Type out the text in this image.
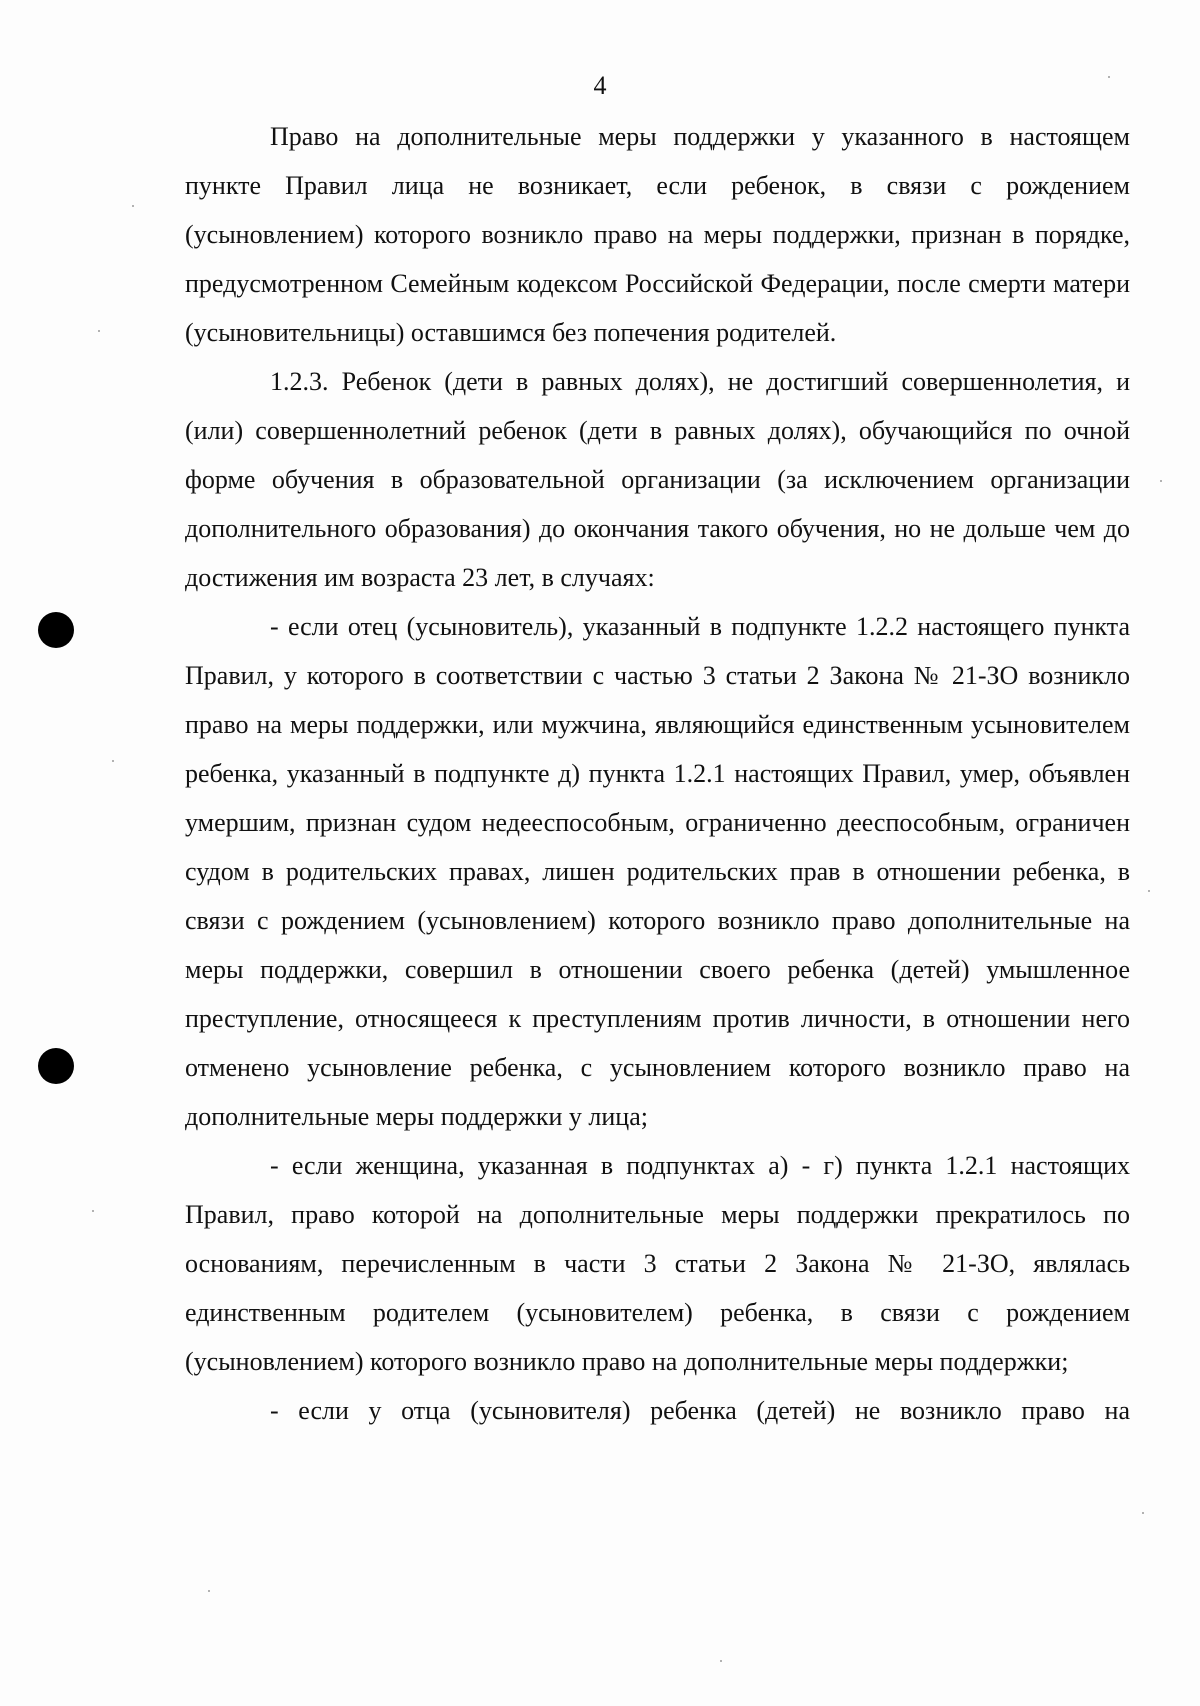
4

Право на дополнительные меры поддержки у указанного в настоящем пункте Правил лица не возникает, если ребенок, в связи с рождением (усыновлением) которого возникло право на меры поддержки, признан в порядке, предусмотренном Семейным кодексом Российской Федерации, после смерти матери (усыновительницы) оставшимся без попечения родителей.

1.2.3. Ребенок (дети в равных долях), не достигший совершеннолетия, и (или) совершеннолетний ребенок (дети в равных долях), обучающийся по очной форме обучения в образовательной организации (за исключением организации дополнительного образования) до окончания такого обучения, но не дольше чем до достижения им возраста 23 лет, в случаях:

- если отец (усыновитель), указанный в подпункте 1.2.2 настоящего пункта Правил, у которого в соответствии с частью 3 статьи 2 Закона № 21-ЗО возникло право на меры поддержки, или мужчина, являющийся единственным усыновителем ребенка, указанный в подпункте д) пункта 1.2.1 настоящих Правил, умер, объявлен умершим, признан судом недееспособным, ограниченно дееспособным, ограничен судом в родительских правах, лишен родительских прав в отношении ребенка, в связи с рождением (усыновлением) которого возникло право дополнительные на меры поддержки, совершил в отношении своего ребенка (детей) умышленное преступление, относящееся к преступлениям против личности, в отношении него отменено усыновление ребенка, с усыновлением которого возникло право на дополнительные меры поддержки у лица;

- если женщина, указанная в подпунктах а) - г) пункта 1.2.1 настоящих Правил, право которой на дополнительные меры поддержки прекратилось по основаниям, перечисленным в части 3 статьи 2 Закона № 21-ЗО, являлась единственным родителем (усыновителем) ребенка, в связи с рождением (усыновлением) которого возникло право на дополнительные меры поддержки;

- если у отца (усыновителя) ребенка (детей) не возникло право на
